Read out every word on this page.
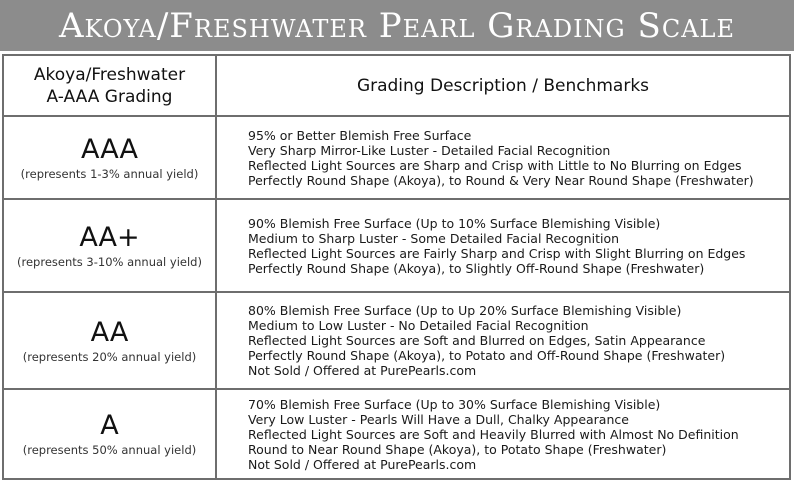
Akoya/Freshwater Pearl Grading Scale
Akoya/Freshwater
A-AAA Grading
Grading Description / Benchmarks
AAA
(represents 1-3% annual yield)
95% or Better Blemish Free Surface
Very Sharp Mirror-Like Luster - Detailed Facial Recognition
Reflected Light Sources are Sharp and Crisp with Little to No Blurring on Edges
Perfectly Round Shape (Akoya), to Round & Very Near Round Shape (Freshwater)
AA+
(represents 3-10% annual yield)
90% Blemish Free Surface (Up to 10% Surface Blemishing Visible)
Medium to Sharp Luster - Some Detailed Facial Recognition
Reflected Light Sources are Fairly Sharp and Crisp with Slight Blurring on Edges
Perfectly Round Shape (Akoya), to Slightly Off-Round Shape (Freshwater)
AA
(represents 20% annual yield)
80% Blemish Free Surface (Up to Up 20% Surface Blemishing Visible)
Medium to Low Luster - No Detailed Facial Recognition
Reflected Light Sources are Soft and Blurred on Edges, Satin Appearance
Perfectly Round Shape (Akoya), to Potato and Off-Round Shape (Freshwater)
Not Sold / Offered at PurePearls.com
A
(represents 50% annual yield)
70% Blemish Free Surface (Up to 30% Surface Blemishing Visible)
Very Low Luster - Pearls Will Have a Dull, Chalky Appearance
Reflected Light Sources are Soft and Heavily Blurred with Almost No Definition
Round to Near Round Shape (Akoya), to Potato Shape (Freshwater)
Not Sold / Offered at PurePearls.com
